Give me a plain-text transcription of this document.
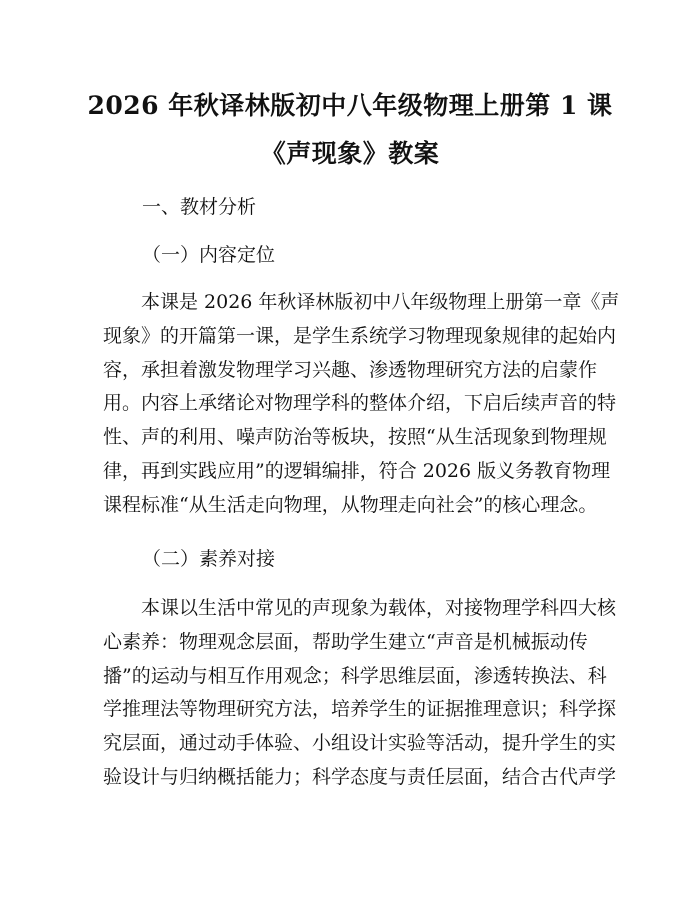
2026 年秋译林版初中八年级物理上册第 1 课
《声现象》教案
一、教材分析
（一）内容定位
本课是 2026 年秋译林版初中八年级物理上册第一章《声
现象》的开篇第一课，是学生系统学习物理现象规律的起始内
容，承担着激发物理学习兴趣、渗透物理研究方法的启蒙作
用。内容上承绪论对物理学科的整体介绍，下启后续声音的特
性、声的利用、噪声防治等板块，按照“从生活现象到物理规
律，再到实践应用”的逻辑编排，符合 2026 版义务教育物理
课程标准“从生活走向物理，从物理走向社会”的核心理念。
（二）素养对接
本课以生活中常见的声现象为载体，对接物理学科四大核
心素养：物理观念层面，帮助学生建立“声音是机械振动传
播”的运动与相互作用观念；科学思维层面，渗透转换法、科
学推理法等物理研究方法，培养学生的证据推理意识；科学探
究层面，通过动手体验、小组设计实验等活动，提升学生的实
验设计与归纳概括能力；科学态度与责任层面，结合古代声学
